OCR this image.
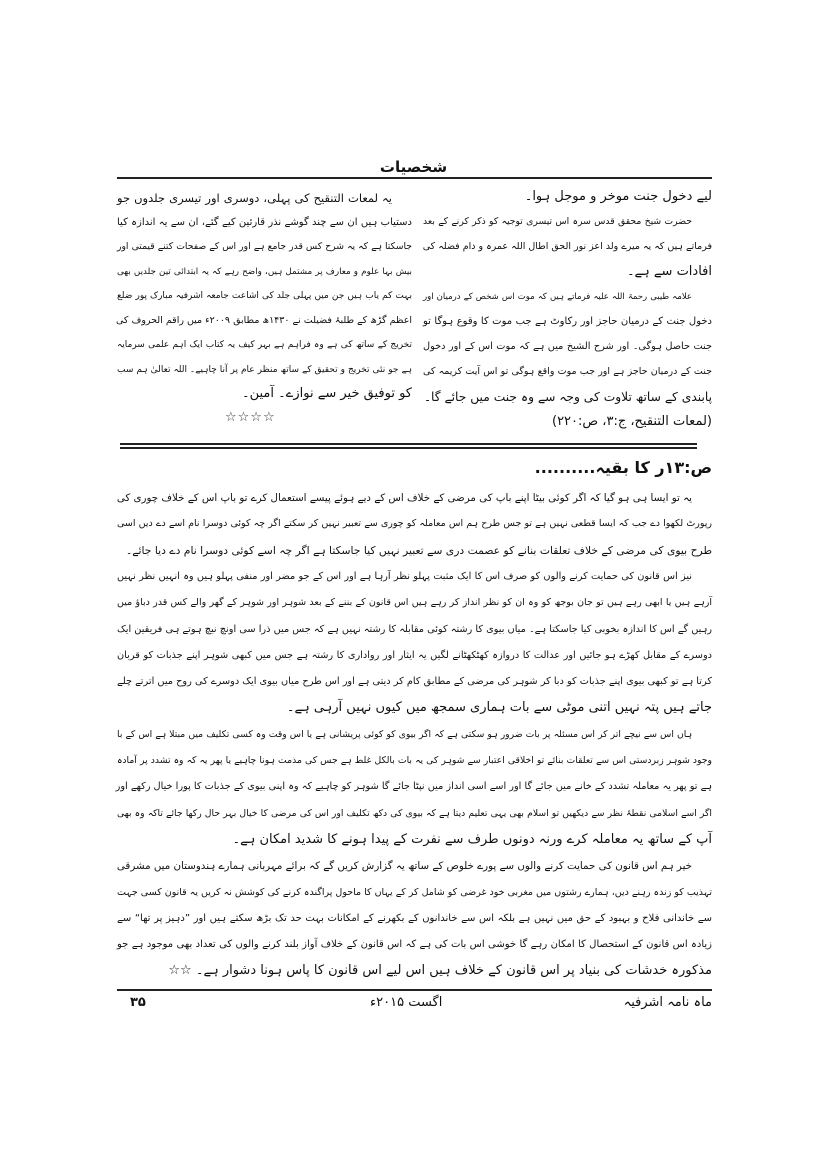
شخصیات
لیے دخول جنت موخر و موجل ہوا۔
حضرت شیخ محقق قدس سرہ اس تیسری توجیہ کو ذکر کرنے کے بعد
فرماتے ہیں کہ یہ میرے ولد اعز نور الحق اطال اللہ عمرہ و دام فضلہ کی
افادات سے ہے۔
علامہ طیبی رحمۃ اللہ علیہ فرماتے ہیں کہ موت اس شخص کے درمیان اور
دخول جنت کے درمیان حاجز اور رکاوٹ ہے جب موت کا وقوع ہوگا تو
جنت حاصل ہوگی۔ اور شرح الشیخ میں ہے کہ موت اس کے اور دخول
جنت کے درمیان حاجز ہے اور جب موت واقع ہوگی تو اس آیت کریمہ کی
پابندی کے ساتھ تلاوت کی وجہ سے وہ جنت میں جائے گا۔
(لمعات التنقیح، ج:۳، ص:۲۲۰)
یہ لمعات التنقیح کی پہلی، دوسری اور تیسری جلدوں جو
دستیاب ہیں ان سے چند گوشے نذر قارئین کیے گئے، ان سے یہ اندازہ کیا
جاسکتا ہے کہ یہ شرح کس قدر جامع ہے اور اس کے صفحات کتنے قیمتی اور
بیش بہا علوم و معارف پر مشتمل ہیں، واضح رہے کہ یہ ابتدائی تین جلدیں بھی
بہت کم یاب ہیں جن میں پہلی جلد کی اشاعت جامعہ اشرفیہ مبارک پور ضلع
اعظم گڑھ کے طلبۂ فضیلت نے ۱۴۳۰ھ مطابق ۲۰۰۹ء میں راقم الحروف کی
تخریج کے ساتھ کی ہے وہ فراہم ہے بہر کیف یہ کتاب ایک اہم علمی سرمایہ
ہے جو نئی تخریج و تحقیق کے ساتھ منظر عام پر آنا چاہیے۔ اللہ تعالیٰ ہم سب
کو توفیق خیر سے نوازے۔ آمین۔
☆☆☆☆
ص:۱۳ر کا بقیہ..........
یہ تو ایسا ہی ہو گیا کہ اگر کوئی بیٹا اپنے باپ کی مرضی کے خلاف اس کے دیے ہوئے پیسے استعمال کرے تو باپ اس کے خلاف چوری کی
رپورٹ لکھوا دے جب کہ ایسا قطعی نہیں ہے تو جس طرح ہم اس معاملہ کو چوری سے تعبیر نہیں کر سکتے اگر چہ کوئی دوسرا نام اسے دے دیں اسی
طرح بیوی کی مرضی کے خلاف تعلقات بنانے کو عصمت دری سے تعبیر نہیں کیا جاسکتا ہے اگر چہ اسے کوئی دوسرا نام دے دیا جائے۔
نیز اس قانون کی حمایت کرنے والوں کو صرف اس کا ایک مثبت پہلو نظر آرہا ہے اور اس کے جو مضر اور منفی پہلو ہیں وہ انہیں نظر نہیں
آرہے ہیں یا ابھی رہے ہیں تو جان بوجھ کو وہ ان کو نظر انداز کر رہے ہیں اس قانون کے بننے کے بعد شوہر اور شوہر کے گھر والے کس قدر دباؤ میں
رہیں گے اس کا اندازہ بخوبی کیا جاسکتا ہے۔ میاں بیوی کا رشتہ کوئی مقابلہ کا رشتہ نہیں ہے کہ جس میں ذرا سی اونچ نیچ ہوتے ہی فریقین ایک
دوسرے کے مقابل کھڑے ہو جائیں اور عدالت کا دروازہ کھٹکھٹانے لگیں یہ ایثار اور رواداری کا رشتہ ہے جس میں کبھی شوہر اپنے جذبات کو قربان
کرتا ہے تو کبھی بیوی اپنے جذبات کو دبا کر شوہر کی مرضی کے مطابق کام کر دیتی ہے اور اس طرح میاں بیوی ایک دوسرے کی روح میں اترتے چلے
جاتے ہیں پتہ نہیں اتنی موٹی سے بات ہماری سمجھ میں کیوں نہیں آرہی ہے۔
ہاں اس سے نیچے اتر کر اس مسئلہ پر بات ضرور ہو سکتی ہے کہ اگر بیوی کو کوئی پریشانی ہے یا اس وقت وہ کسی تکلیف میں مبتلا ہے اس کے با
وجود شوہر زبردستی اس سے تعلقات بنائے تو اخلاقی اعتبار سے شوہر کی یہ بات بالکل غلط ہے جس کی مذمت ہونا چاہیے یا پھر یہ کہ وہ تشدد پر آمادہ
ہے تو پھر یہ معاملہ تشدد کے خانے میں جائے گا اور اسے اسی انداز میں نپٹا جائے گا شوہر کو چاہیے کہ وہ اپنی بیوی کے جذبات کا پورا خیال رکھے اور
اگر اسے اسلامی نقطۂ نظر سے دیکھیں تو اسلام بھی یہی تعلیم دیتا ہے کہ بیوی کی دکھ تکلیف اور اس کی مرضی کا خیال بہر حال رکھا جائے تاکہ وہ بھی
آپ کے ساتھ یہ معاملہ کرے ورنہ دونوں طرف سے نفرت کے پیدا ہونے کا شدید امکان ہے۔
خیر ہم اس قانون کی حمایت کرنے والوں سے پورے خلوص کے ساتھ یہ گزارش کریں گے کہ برائے مہربانی ہمارے ہندوستان میں مشرقی
تہذیب کو زندہ رہنے دیں، ہمارے رشتوں میں مغربی خود غرضی کو شامل کر کے یہاں کا ماحول پراگندہ کرنے کی کوشش نہ کریں یہ قانون کسی جہت
سے خاندانی فلاح و بہبود کے حق میں نہیں ہے بلکہ اس سے خاندانوں کے بکھرنے کے امکانات بہت حد تک بڑھ سکتے ہیں اور ”دہیز پر تھا“ سے
زیادہ اس قانون کے استحصال کا امکان رہے گا خوشی اس بات کی ہے کہ اس قانون کے خلاف آواز بلند کرنے والوں کی تعداد بھی موجود ہے جو
مذکورہ خدشات کی بنیاد پر اس قانون کے خلاف ہیں اس لیے اس قانون کا پاس ہونا دشوار ہے۔ ☆☆
ماہ نامہ اشرفیہ
اگست ۲۰۱۵ء
۳۵
